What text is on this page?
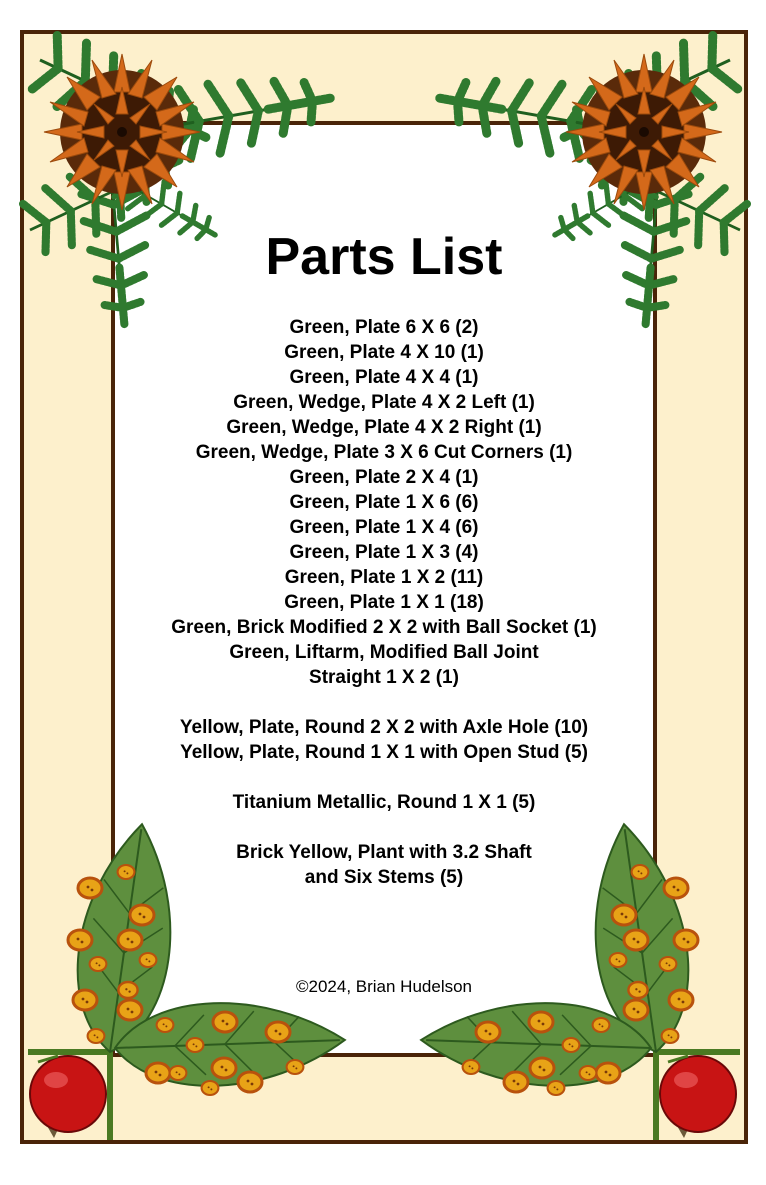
Parts List
Green, Plate 6 X 6 (2)
Green, Plate 4 X 10 (1)
Green, Plate 4 X 4 (1)
Green, Wedge, Plate 4 X 2 Left (1)
Green, Wedge, Plate 4 X 2 Right (1)
Green, Wedge, Plate 3 X 6 Cut Corners (1)
Green, Plate 2 X 4 (1)
Green, Plate 1 X 6 (6)
Green, Plate 1 X 4 (6)
Green, Plate 1 X 3 (4)
Green, Plate 1 X 2 (11)
Green, Plate 1 X 1 (18)
Green, Brick Modified 2 X 2 with Ball Socket (1)
Green, Liftarm, Modified Ball Joint
Straight 1 X 2 (1)
Yellow, Plate, Round 2 X 2 with Axle Hole (10)
Yellow, Plate, Round 1 X 1 with Open Stud (5)
Titanium Metallic, Round 1 X 1 (5)
Brick Yellow, Plant with 3.2 Shaft
and Six Stems (5)
©2024, Brian Hudelson
